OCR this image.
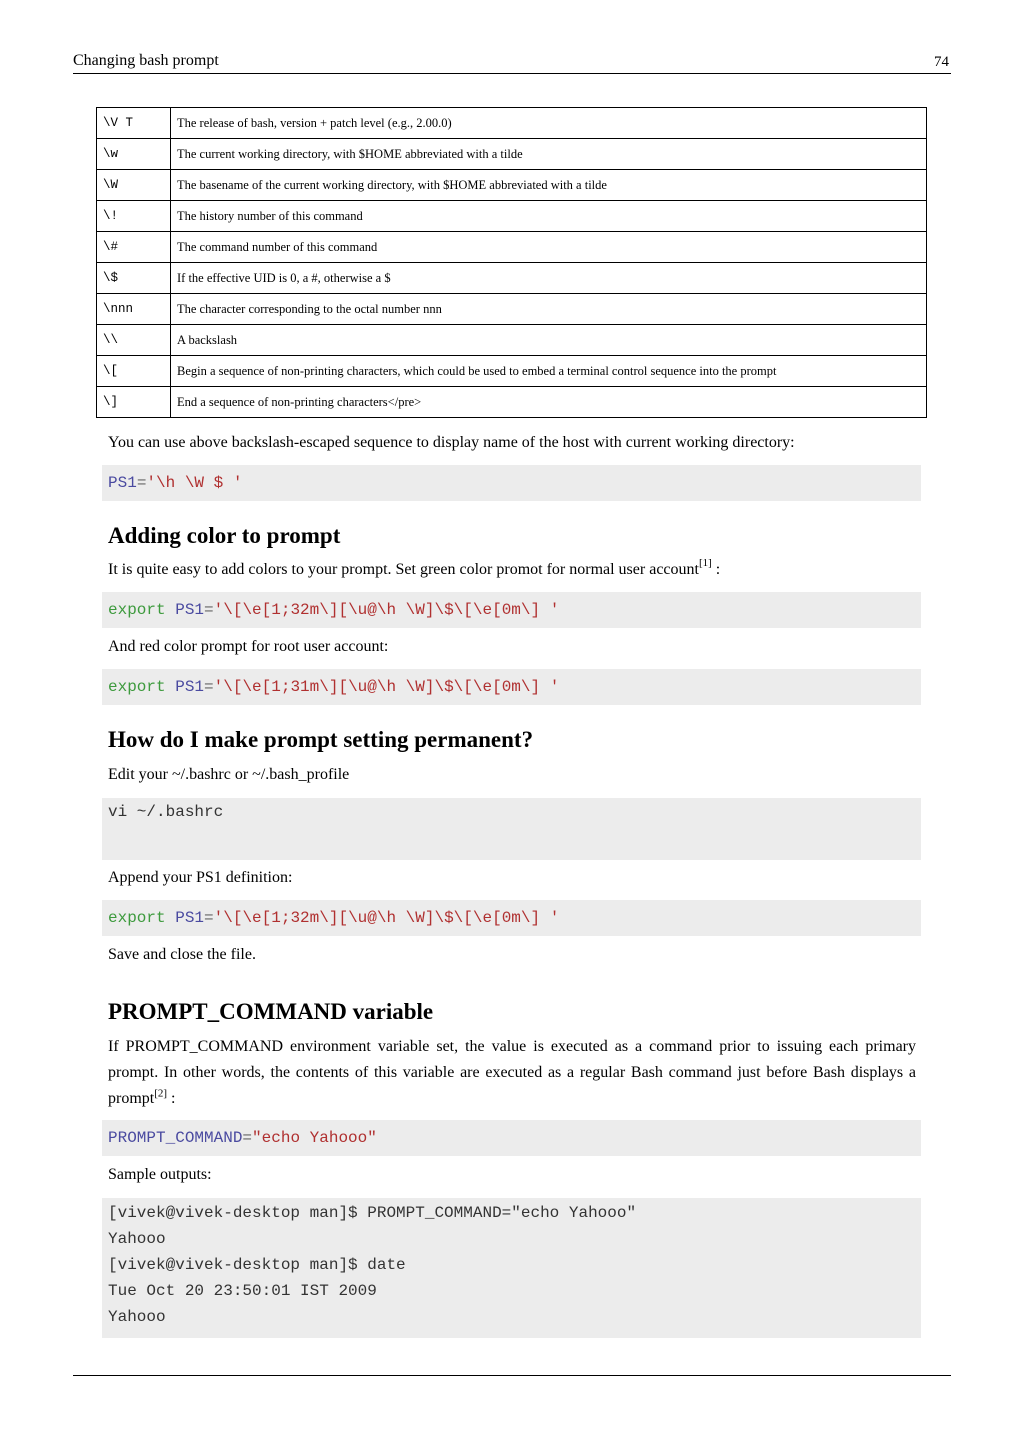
Changing bash prompt	74
\V T	The release of bash, version + patch level (e.g., 2.00.0)
\w	The current working directory, with $HOME abbreviated with a tilde
\W	The basename of the current working directory, with $HOME abbreviated with a tilde
\!	The history number of this command
\#	The command number of this command
\$	If the effective UID is 0, a #, otherwise a $
\nnn	The character corresponding to the octal number nnn
\\	A backslash
\[	Begin a sequence of non-printing characters, which could be used to embed a terminal control sequence into the prompt
\]	End a sequence of non-printing characters</pre>
You can use above backslash-escaped sequence to display name of the host with current working directory:
PS1='\h \W $ '
Adding color to prompt
It is quite easy to add colors to your prompt. Set green color promot for normal user account[1] :
export PS1='\[\e[1;32m\][\u@\h \W]\$\[\e[0m\] '
And red color prompt for root user account:
export PS1='\[\e[1;31m\][\u@\h \W]\$\[\e[0m\] '
How do I make prompt setting permanent?
Edit your ~/.bashrc or ~/.bash_profile
vi ~/.bashrc
Append your PS1 definition:
export PS1='\[\e[1;32m\][\u@\h \W]\$\[\e[0m\] '
Save and close the file.
PROMPT_COMMAND variable
If PROMPT_COMMAND environment variable set, the value is executed as a command prior to issuing each primary prompt. In other words, the contents of this variable are executed as a regular Bash command just before Bash displays a prompt[2] :
PROMPT_COMMAND="echo Yahooo"
Sample outputs:
[vivek@vivek-desktop man]$ PROMPT_COMMAND="echo Yahooo"
Yahooo
[vivek@vivek-desktop man]$ date
Tue Oct 20 23:50:01 IST 2009
Yahooo
